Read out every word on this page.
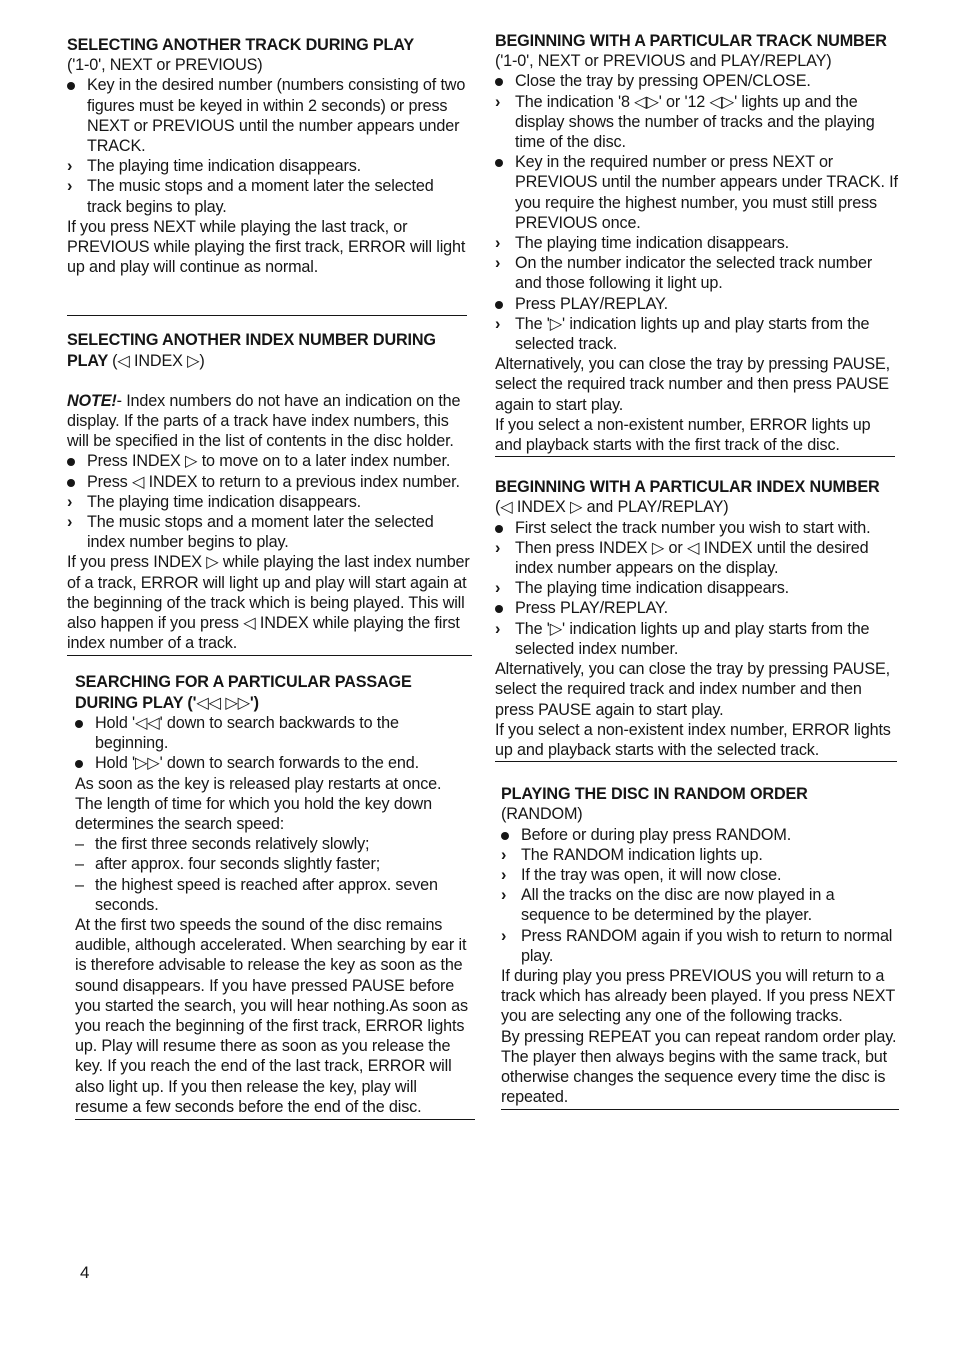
SELECTING ANOTHER TRACK DURING PLAY

('1-0', NEXT or PREVIOUS)

Key in the desired number (numbers consisting of two figures must be keyed in within 2 seconds) or press NEXT or PREVIOUS until the number appears under TRACK.
› The playing time indication disappears.
› The music stops and a moment later the selected track begins to play.

If you press NEXT while playing the last track, or PREVIOUS while playing the first track, ERROR will light up and play will continue as normal.

SELECTING ANOTHER INDEX NUMBER DURING PLAY (◁ INDEX ▷)

NOTE!- Index numbers do not have an indication on the display. If the parts of a track have index numbers, this will be specified in the list of contents in the disc holder.

Press INDEX ▷ to move on to a later index number.
Press ◁ INDEX to return to a previous index number.
› The playing time indication disappears.
› The music stops and a moment later the selected index number begins to play.

If you press INDEX ▷ while playing the last index number of a track, ERROR will light up and play will start again at the beginning of the track which is being played. This will also happen if you press ◁ INDEX while playing the first index number of a track.

SEARCHING FOR A PARTICULAR PASSAGE DURING PLAY ('◁◁ ▷▷')

Hold '◁◁' down to search backwards to the beginning.
Hold '▷▷' down to search forwards to the end.

As soon as the key is released play restarts at once. The length of time for which you hold the key down determines the search speed:

– the first three seconds relatively slowly;
– after approx. four seconds slightly faster;
– the highest speed is reached after approx. seven seconds.

At the first two speeds the sound of the disc remains audible, although accelerated. When searching by ear it is therefore advisable to release the key as soon as the sound disappears. If you have pressed PAUSE before you started the search, you will hear nothing.As soon as you reach the beginning of the first track, ERROR lights up. Play will resume there as soon as you release the key. If you reach the end of the last track, ERROR will also light up. If you then release the key, play will resume a few seconds before the end of the disc.

BEGINNING WITH A PARTICULAR TRACK NUMBER

('1-0', NEXT or PREVIOUS and PLAY/REPLAY)

Close the tray by pressing OPEN/CLOSE.
› The indication '8 ◁▷' or '12 ◁▷' lights up and the display shows the number of tracks and the playing time of the disc.
Key in the required number or press NEXT or PREVIOUS until the number appears under TRACK. If you require the highest number, you must still press PREVIOUS once.
› The playing time indication disappears.
› On the number indicator the selected track number and those following it light up.
Press PLAY/REPLAY.
› The '▷' indication lights up and play starts from the selected track.

Alternatively, you can close the tray by pressing PAUSE, select the required track number and then press PAUSE again to start play.

If you select a non-existent number, ERROR lights up and playback starts with the first track of the disc.

BEGINNING WITH A PARTICULAR INDEX NUMBER (◁ INDEX ▷ and PLAY/REPLAY)

First select the track number you wish to start with.
› Then press INDEX ▷ or ◁ INDEX until the desired index number appears on the display.
› The playing time indication disappears.
Press PLAY/REPLAY.
› The '▷' indication lights up and play starts from the selected index number.

Alternatively, you can close the tray by pressing PAUSE, select the required track and index number and then press PAUSE again to start play.

If you select a non-existent index number, ERROR lights up and playback starts with the selected track.

PLAYING THE DISC IN RANDOM ORDER

(RANDOM)

Before or during play press RANDOM.
› The RANDOM indication lights up.
› If the tray was open, it will now close.
› All the tracks on the disc are now played in a sequence to be determined by the player.
› Press RANDOM again if you wish to return to normal play.

If during play you press PREVIOUS you will return to a track which has already been played. If you press NEXT you are selecting any one of the following tracks.

By pressing REPEAT you can repeat random order play. The player then always begins with the same track, but otherwise changes the sequence every time the disc is repeated.

4
